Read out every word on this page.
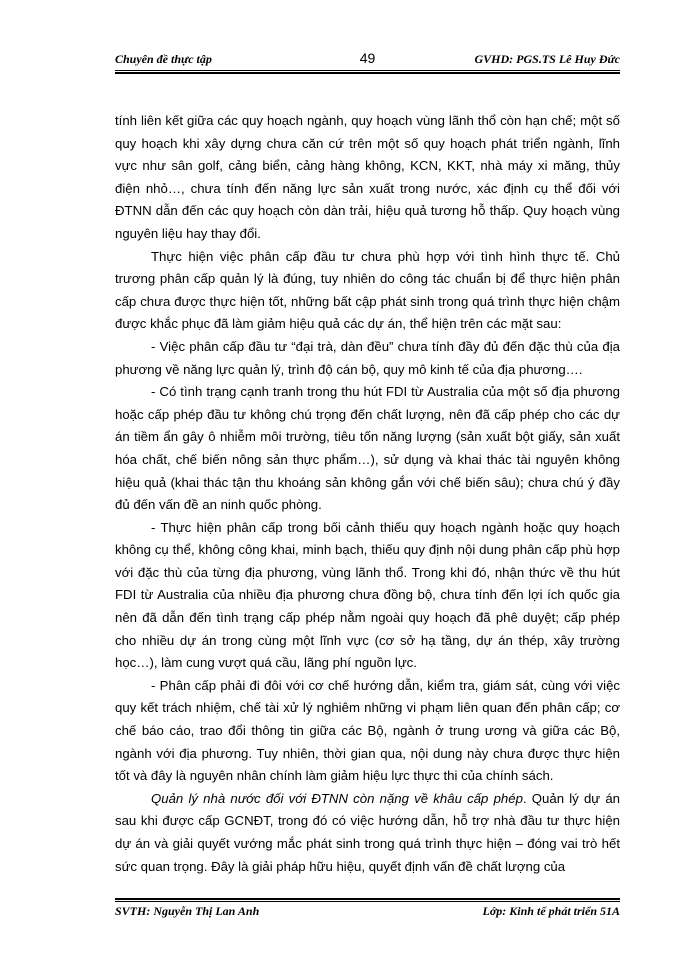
Chuyên đề thực tập	49	GVHD: PGS.TS Lê Huy Đức

tính liên kết giữa các quy hoạch ngành, quy hoạch vùng lãnh thổ còn hạn chế; một số quy hoạch khi xây dựng chưa căn cứ trên một số quy hoạch phát triển ngành, lĩnh vực như sân golf, cảng biển, cảng hàng không, KCN, KKT, nhà máy xi măng, thủy điện nhỏ…, chưa tính đến năng lực sản xuất trong nước, xác định cụ thể đối với ĐTNN dẫn đến các quy hoạch còn dàn trải, hiệu quả tương hỗ thấp. Quy hoạch vùng nguyên liệu hay thay đổi.

Thực hiện việc phân cấp đầu tư chưa phù hợp với tình hình thực tế. Chủ trương phân cấp quản lý là đúng, tuy nhiên do công tác chuẩn bị để thực hiện phân cấp chưa được thực hiện tốt, những bất cập phát sinh trong quá trình thực hiện chậm được khắc phục đã làm giảm hiệu quả các dự án, thể hiện trên các mặt sau:

- Việc phân cấp đầu tư “đại trà, dàn đều” chưa tính đầy đủ đến đặc thù của địa phương về năng lực quản lý, trình độ cán bộ, quy mô kinh tế của địa phương….

- Có tình trạng cạnh tranh trong thu hút FDI từ Australia của một số địa phương hoặc cấp phép đầu tư không chú trọng đến chất lượng, nên đã cấp phép cho các dự án tiềm ẩn gây ô nhiễm môi trường, tiêu tốn năng lượng (sản xuất bột giấy, sản xuất hóa chất, chế biến nông sản thực phẩm…), sử dụng và khai thác tài nguyên không hiệu quả (khai thác tận thu khoáng sản không gắn với chế biến sâu); chưa chú ý đầy đủ đến vấn đề an ninh quốc phòng.

- Thực hiện phân cấp trong bối cảnh thiếu quy hoạch ngành hoặc quy hoạch không cụ thể, không công khai, minh bạch, thiếu quy định nội dung phân cấp phù hợp với đặc thù của từng địa phương, vùng lãnh thổ. Trong khi đó, nhận thức về thu hút FDI từ Australia của nhiều địa phương chưa đồng bộ, chưa tính đến lợi ích quốc gia nên đã dẫn đến tình trạng cấp phép nằm ngoài quy hoạch đã phê duyệt; cấp phép cho nhiều dự án trong cùng một lĩnh vực (cơ sở hạ tầng, dự án thép, xây trường học…), làm cung vượt quá cầu, lãng phí nguồn lực.

- Phân cấp phải đi đôi với cơ chế hướng dẫn, kiểm tra, giám sát, cùng với việc quy kết trách nhiệm, chế tài xử lý nghiêm những vi phạm liên quan đến phân cấp; cơ chế báo cáo, trao đổi thông tin giữa các Bộ, ngành ở trung ương và giữa các Bộ, ngành với địa phương. Tuy nhiên, thời gian qua, nội dung này chưa được thực hiện tốt và đây là nguyên nhân chính làm giảm hiệu lực thực thi của chính sách.

Quản lý nhà nước đối với ĐTNN còn nặng về khâu cấp phép. Quản lý dự án sau khi được cấp GCNĐT, trong đó có việc hướng dẫn, hỗ trợ nhà đầu tư thực hiện dự án và giải quyết vướng mắc phát sinh trong quá trình thực hiện – đóng vai trò hết sức quan trọng. Đây là giải pháp hữu hiệu, quyết định vấn đề chất lượng của

SVTH: Nguyễn Thị Lan Anh	Lớp: Kinh tế phát triển 51A
